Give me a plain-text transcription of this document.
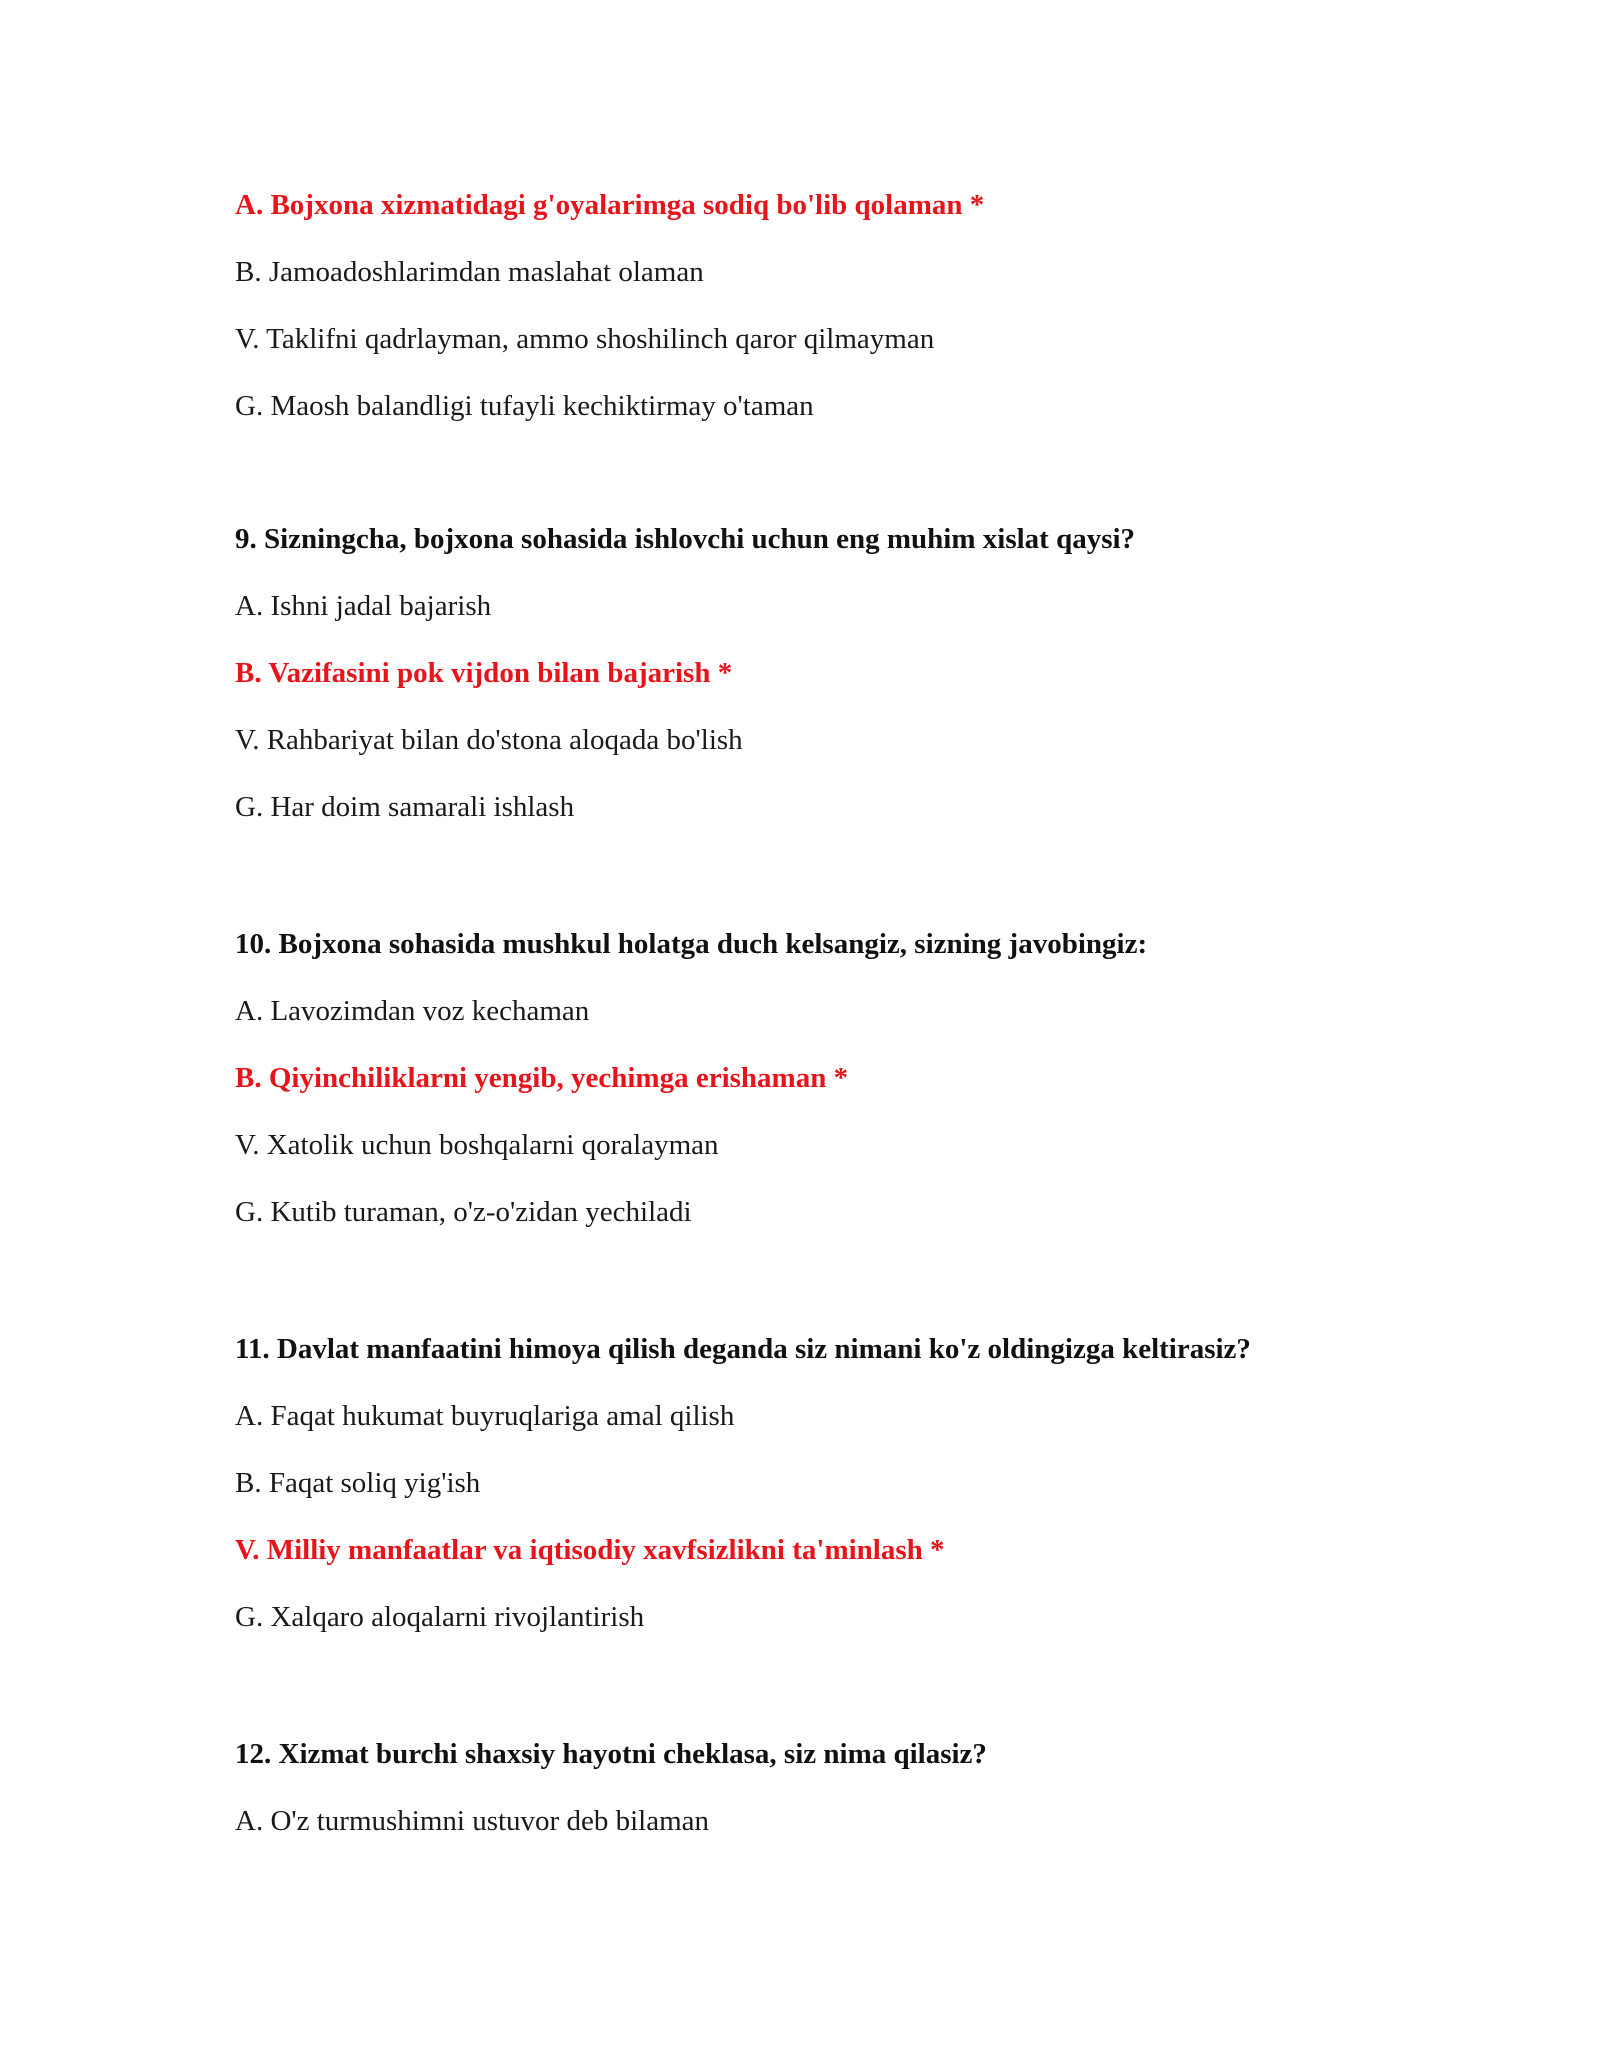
A. Bojxona xizmatidagi g'oyalarimga sodiq bo'lib qolaman *

B. Jamoadoshlarimdan maslahat olaman

V. Taklifni qadrlayman, ammo shoshilinch qaror qilmayman

G. Maosh balandligi tufayli kechiktirmay o'taman

9. Sizningcha, bojxona sohasida ishlovchi uchun eng muhim xislat qaysi?

A. Ishni jadal bajarish

B. Vazifasini pok vijdon bilan bajarish *

V. Rahbariyat bilan do'stona aloqada bo'lish

G. Har doim samarali ishlash

10. Bojxona sohasida mushkul holatga duch kelsangiz, sizning javobingiz:

A. Lavozimdan voz kechaman

B. Qiyinchiliklarni yengib, yechimga erishaman *

V. Xatolik uchun boshqalarni qoralayman

G. Kutib turaman, o'z-o'zidan yechiladi

11. Davlat manfaatini himoya qilish deganda siz nimani ko'z oldingizga keltirasiz?

A. Faqat hukumat buyruqlariga amal qilish

B. Faqat soliq yig'ish

V. Milliy manfaatlar va iqtisodiy xavfsizlikni ta'minlash *

G. Xalqaro aloqalarni rivojlantirish

12. Xizmat burchi shaxsiy hayotni cheklasa, siz nima qilasiz?

A. O'z turmushimni ustuvor deb bilaman
